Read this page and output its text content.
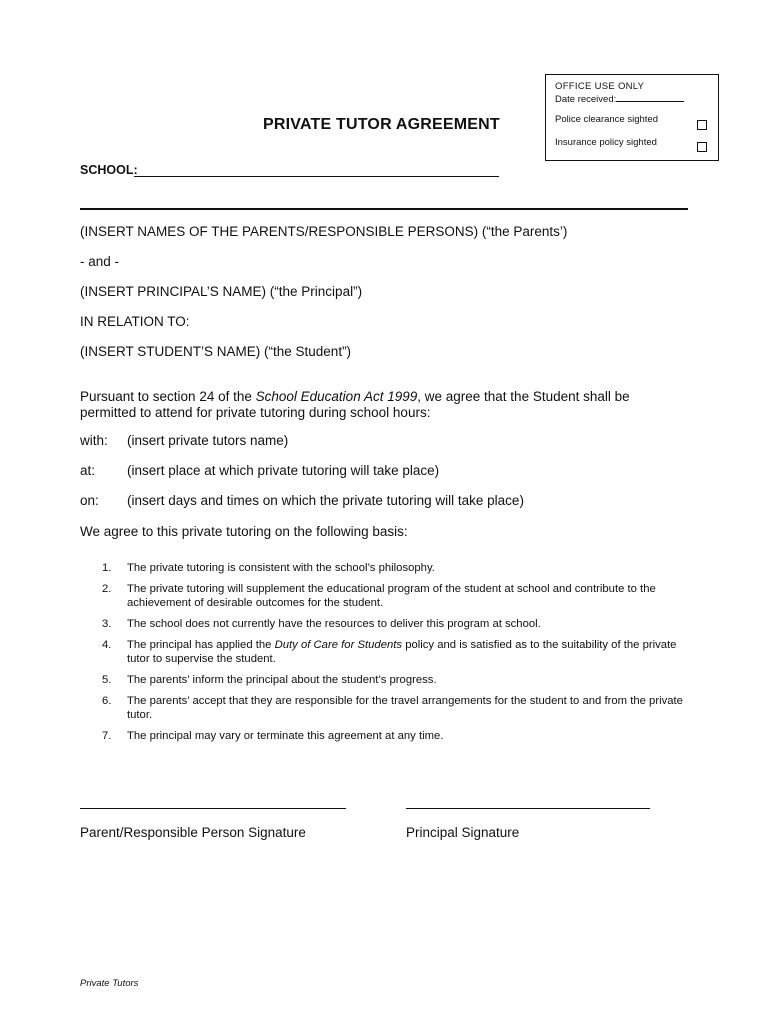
OFFICE USE ONLY
Date received:
Police clearance sighted
Insurance policy sighted
PRIVATE TUTOR AGREEMENT
SCHOOL:
(INSERT NAMES OF THE PARENTS/RESPONSIBLE PERSONS) (“the Parents’)
- and -
(INSERT PRINCIPAL’S NAME) (“the Principal”)
IN RELATION TO:
(INSERT STUDENT’S NAME) (“the Student”)
Pursuant to section 24 of the School Education Act 1999, we agree that the Student shall be permitted to attend for private tutoring during school hours:
with: (insert private tutors name)
at: (insert place at which private tutoring will take place)
on: (insert days and times on which the private tutoring will take place)
We agree to this private tutoring on the following basis:
1. The private tutoring is consistent with the school’s philosophy.
2. The private tutoring will supplement the educational program of the student at school and contribute to the achievement of desirable outcomes for the student.
3. The school does not currently have the resources to deliver this program at school.
4. The principal has applied the Duty of Care for Students policy and is satisfied as to the suitability of the private tutor to supervise the student.
5. The parents’ inform the principal about the student’s progress.
6. The parents’ accept that they are responsible for the travel arrangements for the student to and from the private tutor.
7. The principal may vary or terminate this agreement at any time.
Parent/Responsible Person Signature	Principal Signature
Private Tutors
